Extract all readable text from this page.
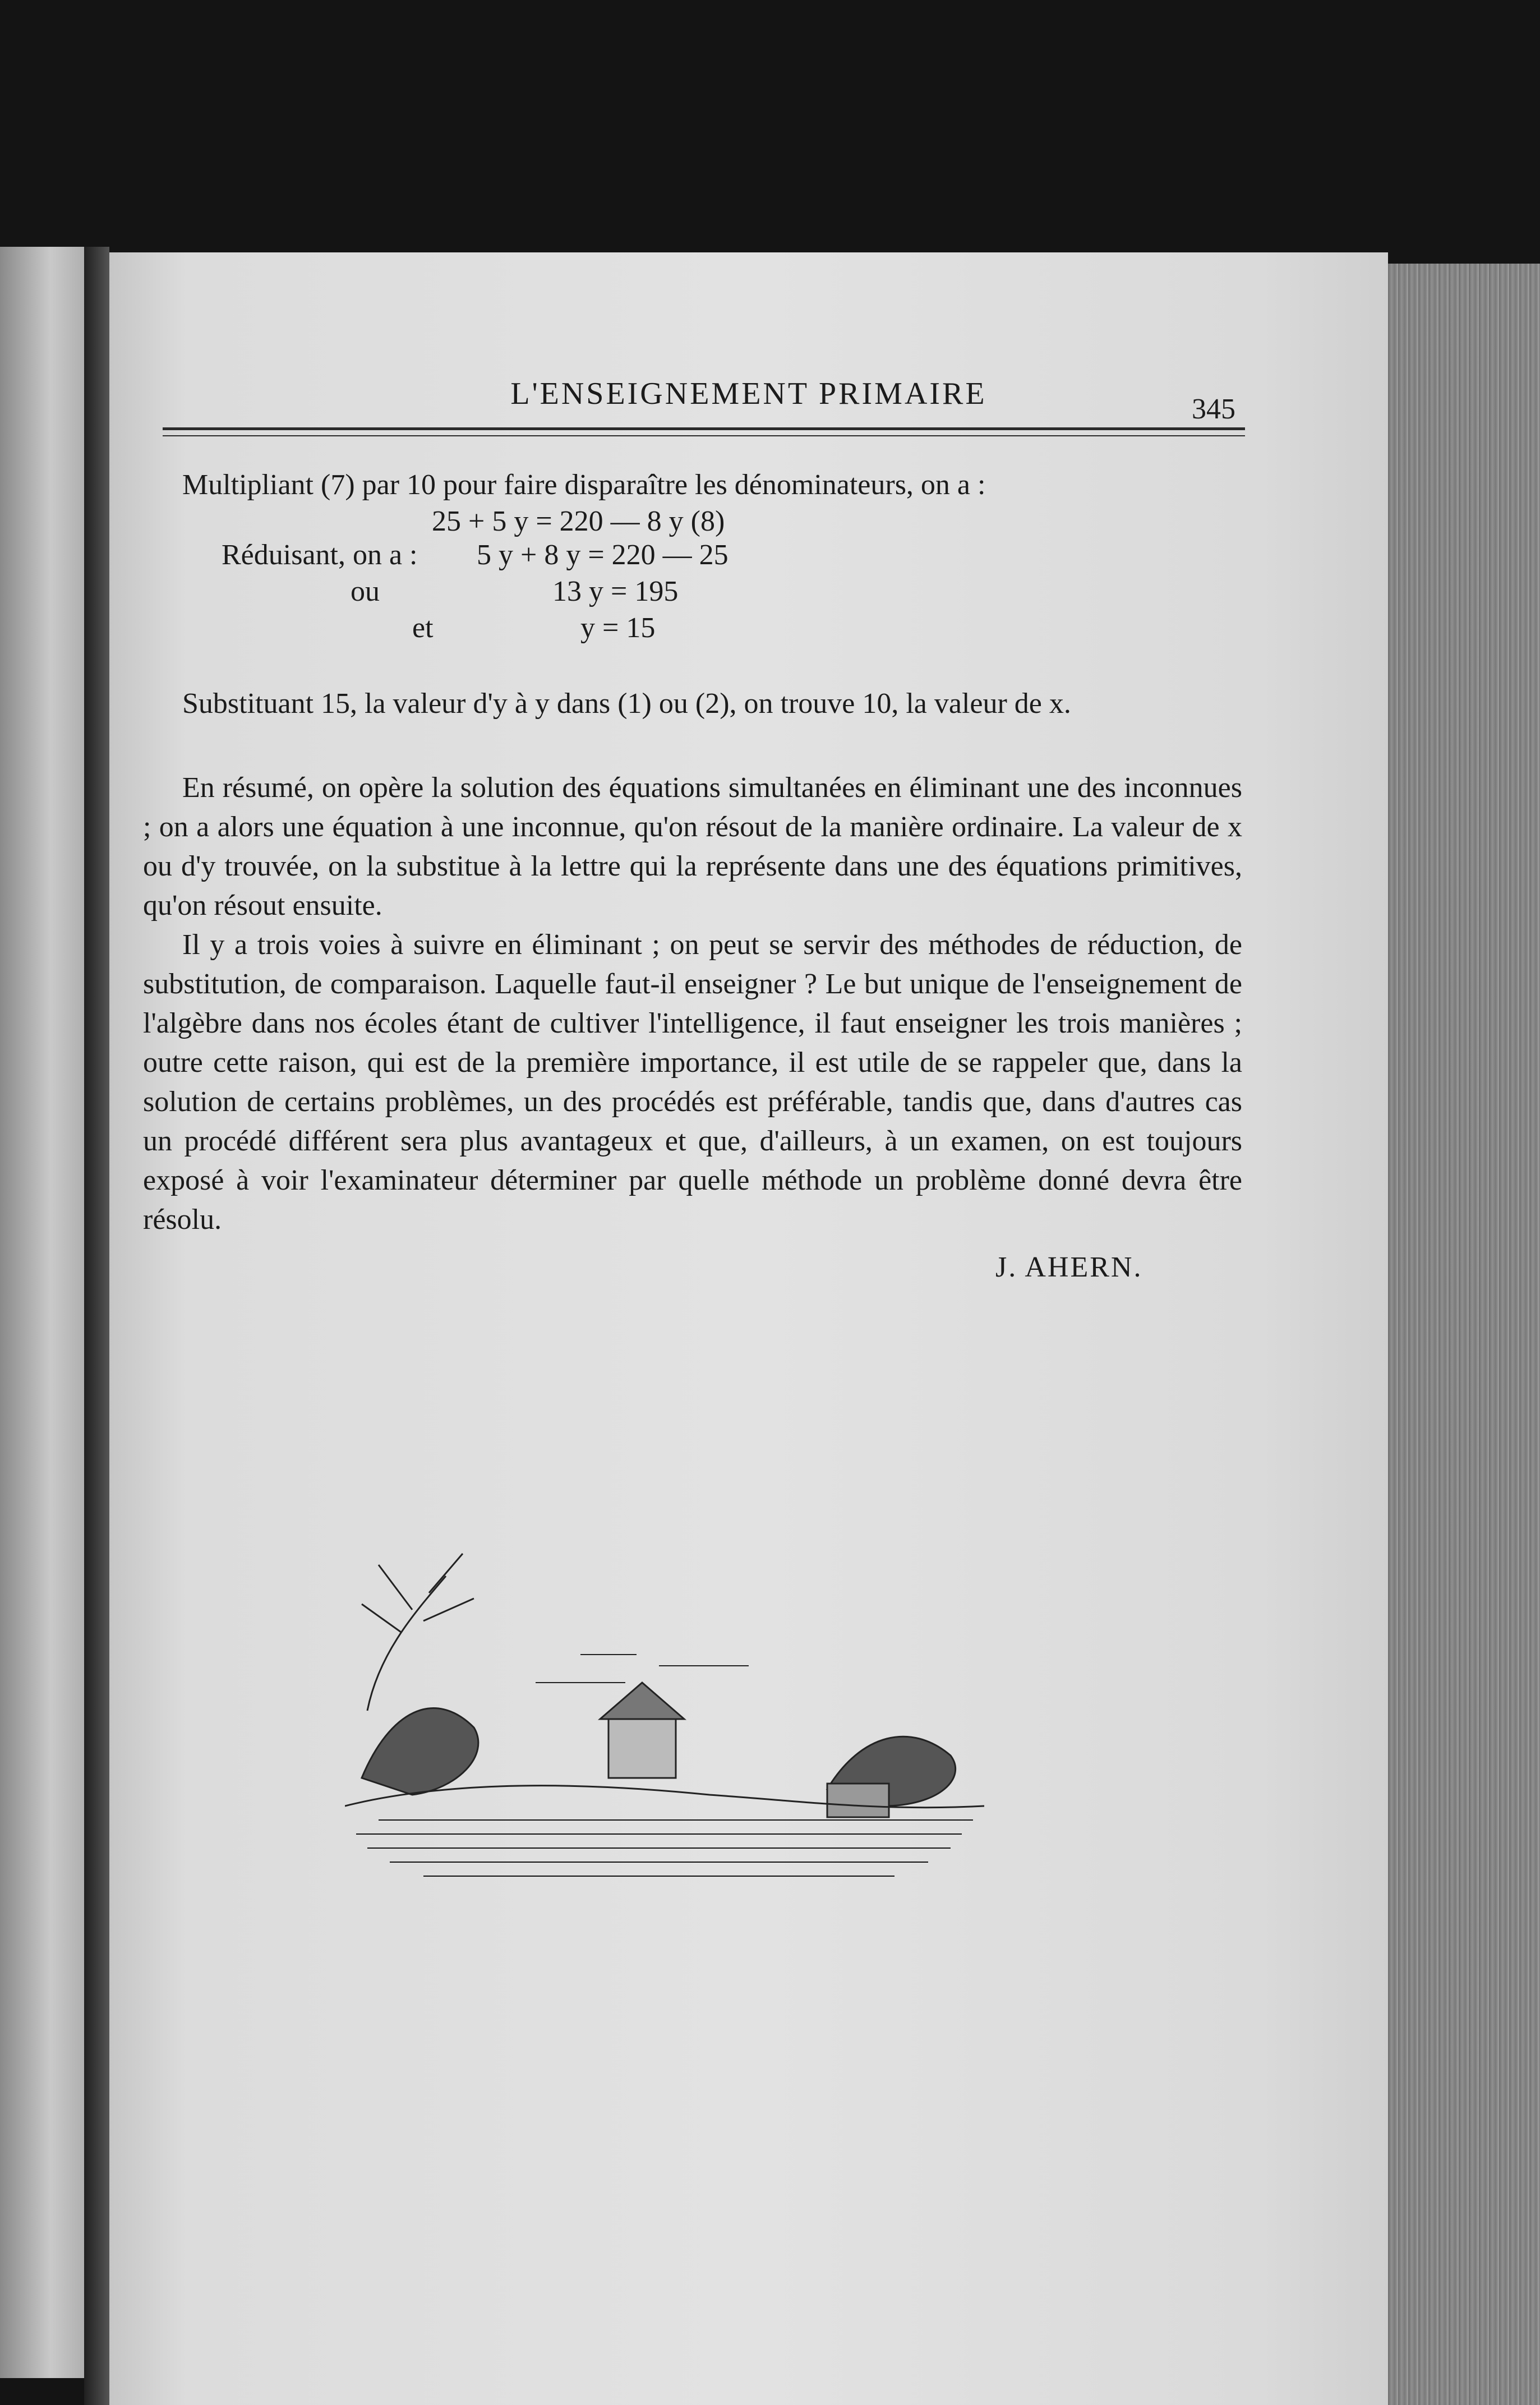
L'ENSEIGNEMENT PRIMAIRE	345
Multipliant (7) par 10 pour faire disparaître les dénominateurs, on a :
25 + 5 y = 220 — 8 y (8)
Réduisant, on a : 5 y + 8 y = 220 — 25
ou	13 y = 195
et	y = 15
Substituant 15, la valeur d'y à y dans (1) ou (2), on trouve 10, la valeur de x.
En résumé, on opère la solution des équations simultanées en éliminant une des inconnues ; on a alors une équation à une inconnue, qu'on résout de la manière ordinaire. La valeur de x ou d'y trouvée, on la substitue à la lettre qui la représente dans une des équations primitives, qu'on résout ensuite.
Il y a trois voies à suivre en éliminant ; on peut se servir des méthodes de réduction, de substitution, de comparaison. Laquelle faut-il enseigner ? Le but unique de l'enseignement de l'algèbre dans nos écoles étant de cultiver l'intelligence, il faut enseigner les trois manières ; outre cette raison, qui est de la première importance, il est utile de se rappeler que, dans la solution de certains problèmes, un des procédés est préférable, tandis que, dans d'autres cas un procédé différent sera plus avantageux et que, d'ailleurs, à un examen, on est toujours exposé à voir l'examinateur déterminer par quelle méthode un problème donné devra être résolu.
J. AHERN.
